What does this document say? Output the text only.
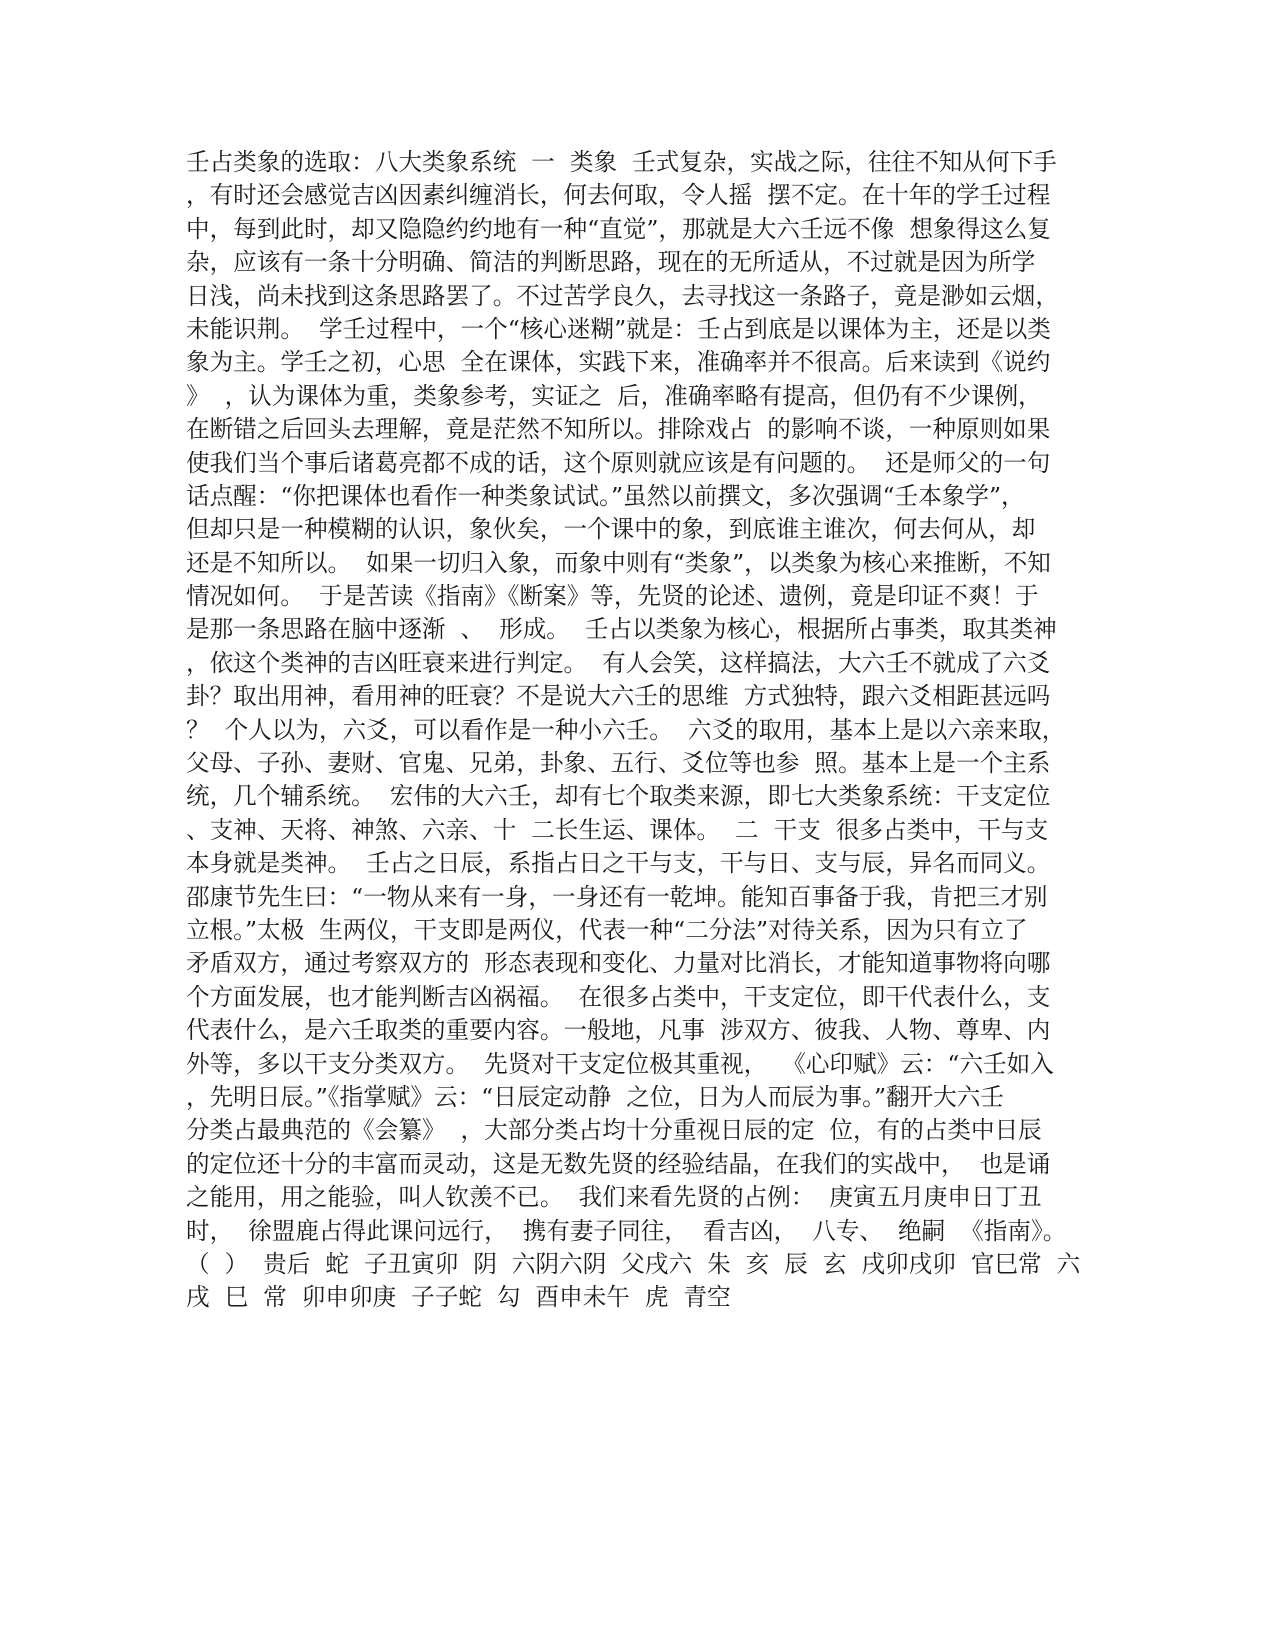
壬占类象的选取：八大类象系统  一  类象  壬式复杂，实战之际，往往不知从何下手
，有时还会感觉吉凶因素纠缠消长，何去何取，令人摇  摆不定。在十年的学壬过程
中，每到此时，却又隐隐约约地有一种“直觉”，那就是大六壬远不像  想象得这么复
杂，应该有一条十分明确、简洁的判断思路，现在的无所适从，不过就是因为所学
日浅，尚未找到这条思路罢了。不过苦学良久，去寻找这一条路子，竟是渺如云烟，
未能识荆。  学壬过程中，一个“核心迷糊”就是：壬占到底是以课体为主，还是以类
象为主。学壬之初，心思  全在课体，实践下来，准确率并不很高。后来读到《说约
》  ，认为课体为重，类象参考，实证之  后，准确率略有提高，但仍有不少课例，
在断错之后回头去理解，竟是茫然不知所以。排除戏占  的影响不谈，一种原则如果
使我们当个事后诸葛亮都不成的话，这个原则就应该是有问题的。  还是师父的一句
话点醒：“你把课体也看作一种类象试试。”虽然以前撰文，多次强调“壬本象学”，
但却只是一种模糊的认识，象伙矣，一个课中的象，到底谁主谁次，何去何从，却
还是不知所以。  如果一切归入象，而象中则有“类象”，以类象为核心来推断，不知
情况如何。  于是苦读《指南》《断案》等，先贤的论述、遗例，竟是印证不爽！于
是那一条思路在脑中逐渐  、  形成。  壬占以类象为核心，根据所占事类，取其类神
，依这个类神的吉凶旺衰来进行判定。  有人会笑，这样搞法，大六壬不就成了六爻
卦？取出用神，看用神的旺衰？不是说大六壬的思维  方式独特，跟六爻相距甚远吗
？  个人以为，六爻，可以看作是一种小六壬。  六爻的取用，基本上是以六亲来取，
父母、子孙、妻财、官鬼、兄弟，卦象、五行、爻位等也参  照。基本上是一个主系
统，几个辅系统。  宏伟的大六壬，却有七个取类来源，即七大类象系统：干支定位
、支神、天将、神煞、六亲、十  二长生运、课体。  二  干支  很多占类中，干与支
本身就是类神。  壬占之日辰，系指占日之干与支，干与日、支与辰，异名而同义。
邵康节先生曰：“一物从来有一身，一身还有一乾坤。能知百事备于我，肯把三才别
立根。”太极  生两仪，干支即是两仪，代表一种“二分法”对待关系，因为只有立了
矛盾双方，通过考察双方的  形态表现和变化、力量对比消长，才能知道事物将向哪
个方面发展，也才能判断吉凶祸福。  在很多占类中，干支定位，即干代表什么，支
代表什么，是六壬取类的重要内容。一般地，凡事  涉双方、彼我、人物、尊卑、内
外等，多以干支分类双方。  先贤对干支定位极其重视，  《心印赋》云：“六壬如入
，先明日辰。”《指掌赋》云：“日辰定动静  之位，日为人而辰为事。”翻开大六壬
分类占最典范的《会纂》  ，大部分类占均十分重视日辰的定  位，有的占类中日辰
的定位还十分的丰富而灵动，这是无数先贤的经验结晶，在我们的实战中，  也是诵
之能用，用之能验，叫人钦羡不已。  我们来看先贤的占例：  庚寅五月庚申日丁丑
时，  徐盟鹿占得此课问远行，  携有妻子同往，  看吉凶，  八专、  绝嗣  《指南》。
（  ）  贵后  蛇  子丑寅卯  阴  六阴六阴  父戌六  朱  亥  辰  玄  戌卯戌卯  官巳常  六
戌  巳  常  卯申卯庚  子子蛇  勾  酉申未午  虎  青空
